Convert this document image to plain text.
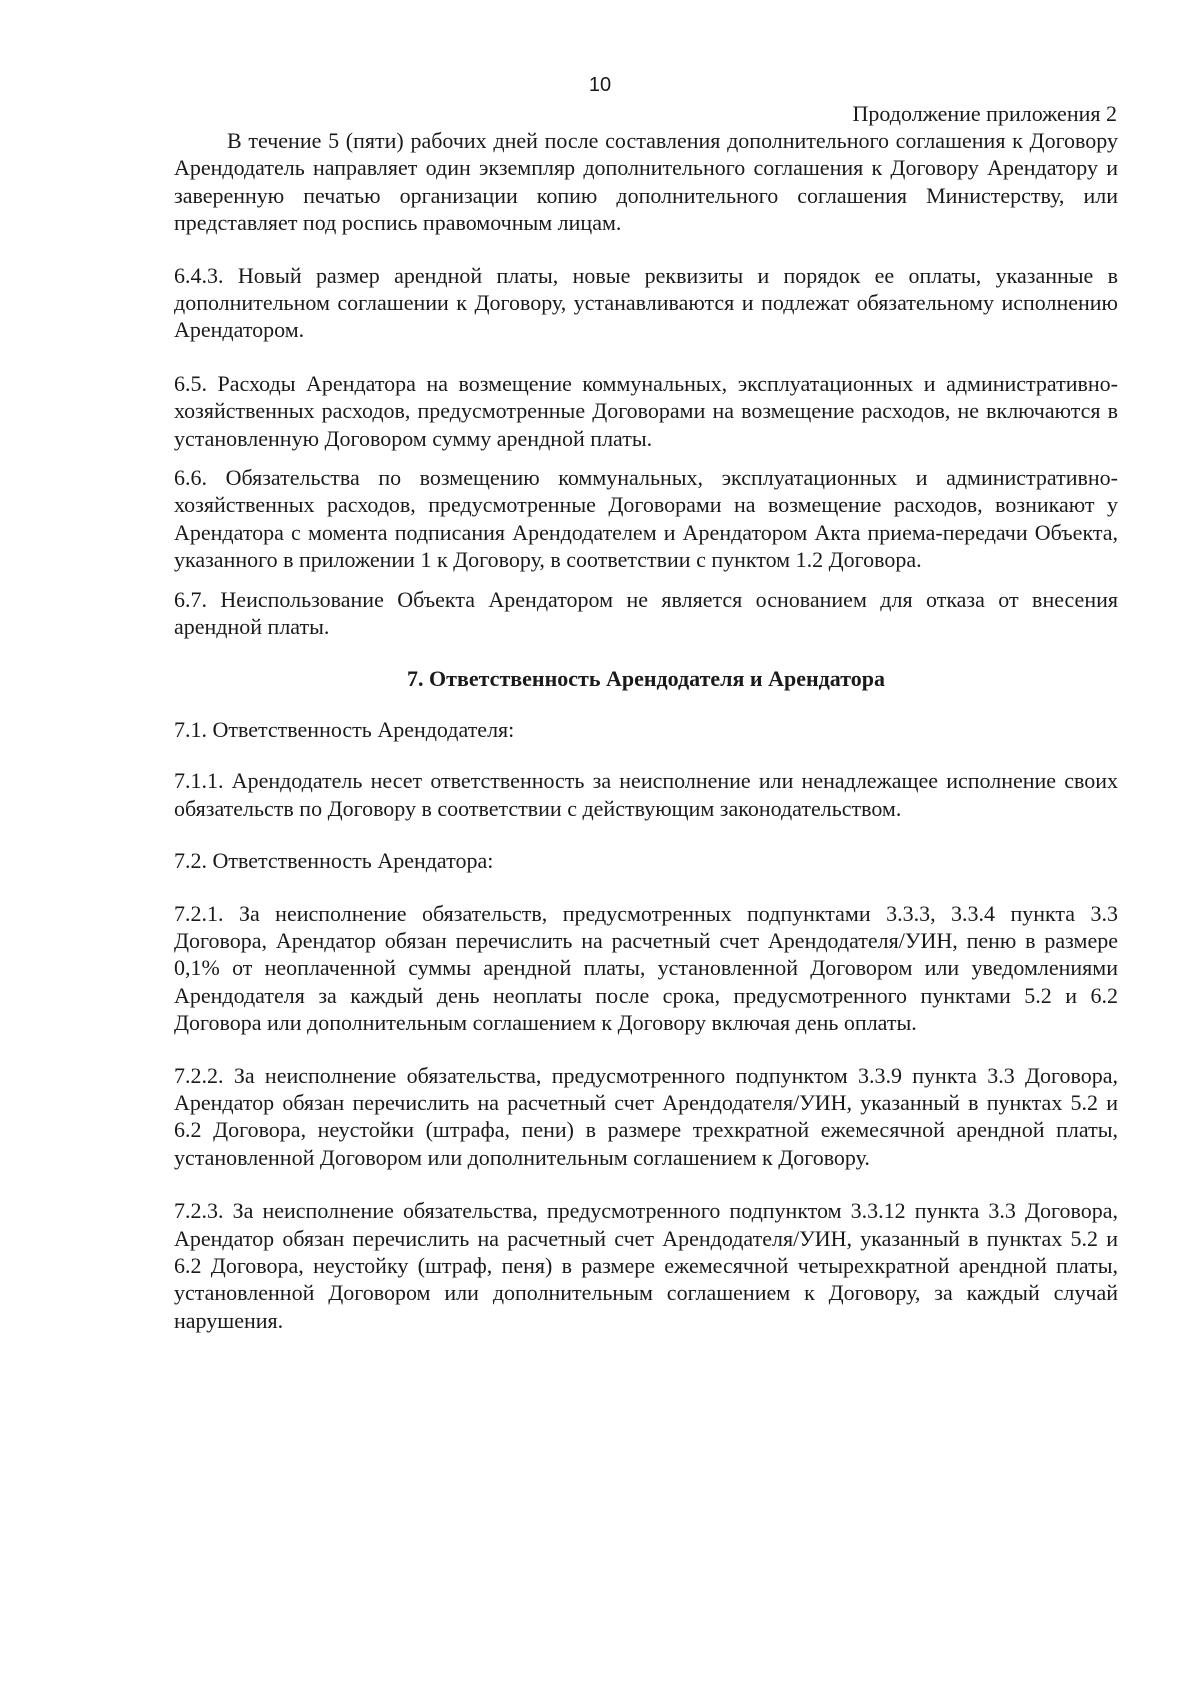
10
Продолжение приложения 2

В течение 5 (пяти) рабочих дней после составления дополнительного соглашения к Договору Арендодатель направляет один экземпляр дополнительного соглашения к Договору Арендатору и заверенную печатью организации копию дополнительного соглашения Министерству, или представляет под роспись правомочным лицам.

6.4.3. Новый размер арендной платы, новые реквизиты и порядок ее оплаты, указанные в дополнительном соглашении к Договору, устанавливаются и подлежат обязательному исполнению Арендатором.

6.5. Расходы Арендатора на возмещение коммунальных, эксплуатационных и административно-хозяйственных расходов, предусмотренные Договорами на возмещение расходов, не включаются в установленную Договором сумму арендной платы.

6.6. Обязательства по возмещению коммунальных, эксплуатационных и административно-хозяйственных расходов, предусмотренные Договорами на возмещение расходов, возникают у Арендатора с момента подписания Арендодателем и Арендатором Акта приема-передачи Объекта, указанного в приложении 1 к Договору, в соответствии с пунктом 1.2 Договора.

6.7. Неиспользование Объекта Арендатором не является основанием для отказа от внесения арендной платы.

7. Ответственность Арендодателя и Арендатора

7.1. Ответственность Арендодателя:

7.1.1. Арендодатель несет ответственность за неисполнение или ненадлежащее исполнение своих обязательств по Договору в соответствии с действующим законодательством.

7.2. Ответственность Арендатора:

7.2.1. За неисполнение обязательств, предусмотренных подпунктами 3.3.3, 3.3.4 пункта 3.3 Договора, Арендатор обязан перечислить на расчетный счет Арендодателя/УИН, пеню в размере 0,1% от неоплаченной суммы арендной платы, установленной Договором или уведомлениями Арендодателя за каждый день неоплаты после срока, предусмотренного пунктами 5.2 и 6.2 Договора или дополнительным соглашением к Договору включая день оплаты.

7.2.2. За неисполнение обязательства, предусмотренного подпунктом 3.3.9 пункта 3.3 Договора, Арендатор обязан перечислить на расчетный счет Арендодателя/УИН, указанный в пунктах 5.2 и 6.2 Договора, неустойки (штрафа, пени) в размере трехкратной ежемесячной арендной платы, установленной Договором или дополнительным соглашением к Договору.

7.2.3. За неисполнение обязательства, предусмотренного подпунктом 3.3.12 пункта 3.3 Договора, Арендатор обязан перечислить на расчетный счет Арендодателя/УИН, указанный в пунктах 5.2 и 6.2 Договора, неустойку (штраф, пеня) в размере ежемесячной четырехкратной арендной платы, установленной Договором или дополнительным соглашением к Договору, за каждый случай нарушения.
